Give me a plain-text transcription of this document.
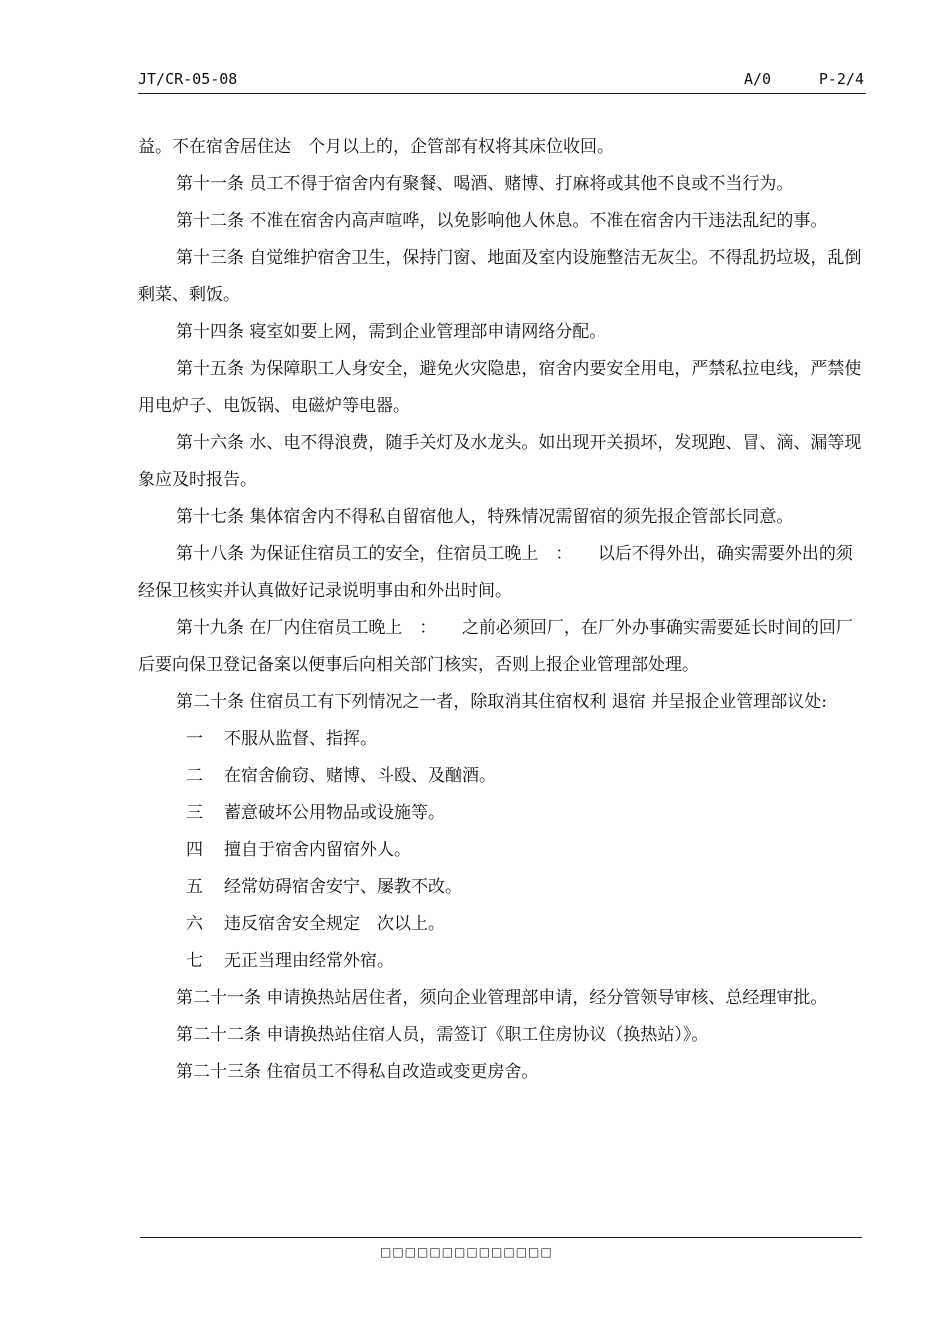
JT/CR-05-08	A/0	P-2/4

益。不在宿舍居住达　个月以上的，企管部有权将其床位收回。

第十一条 员工不得于宿舍内有聚餐、喝酒、赌博、打麻将或其他不良或不当行为。

第十二条 不准在宿舍内高声喧哗，以免影响他人休息。不准在宿舍内干违法乱纪的事。

第十三条 自觉维护宿舍卫生，保持门窗、地面及室内设施整洁无灰尘。不得乱扔垃圾，乱倒剩菜、剩饭。

第十四条 寝室如要上网，需到企业管理部申请网络分配。

第十五条 为保障职工人身安全，避免火灾隐患，宿舍内要安全用电，严禁私拉电线，严禁使用电炉子、电饭锅、电磁炉等电器。

第十六条 水、电不得浪费，随手关灯及水龙头。如出现开关损坏，发现跑、冒、滴、漏等现象应及时报告。

第十七条 集体宿舍内不得私自留宿他人，特殊情况需留宿的须先报企管部长同意。

第十八条 为保证住宿员工的安全，住宿员工晚上　：　　以后不得外出，确实需要外出的须经保卫核实并认真做好记录说明事由和外出时间。

第十九条 在厂内住宿员工晚上　：　　之前必须回厂，在厂外办事确实需要延长时间的回厂后要向保卫登记备案以便事后向相关部门核实，否则上报企业管理部处理。

第二十条 住宿员工有下列情况之一者，除取消其住宿权利 退宿 并呈报企业管理部议处:

一 不服从监督、指挥。

二 在宿舍偷窃、赌博、斗殴、及酗酒。

三 蓄意破坏公用物品或设施等。

四 擅自于宿舍内留宿外人。

五 经常妨碍宿舍安宁、屡教不改。

六 违反宿舍安全规定　次以上。

七 无正当理由经常外宿。

第二十一条 申请换热站居住者，须向企业管理部申请，经分管领导审核、总经理审批。

第二十二条 申请换热站住宿人员，需签订《职工住房协议（换热站）》。

第二十三条 住宿员工不得私自改造或变更房舍。

□□□□□□□□□□□□□□
